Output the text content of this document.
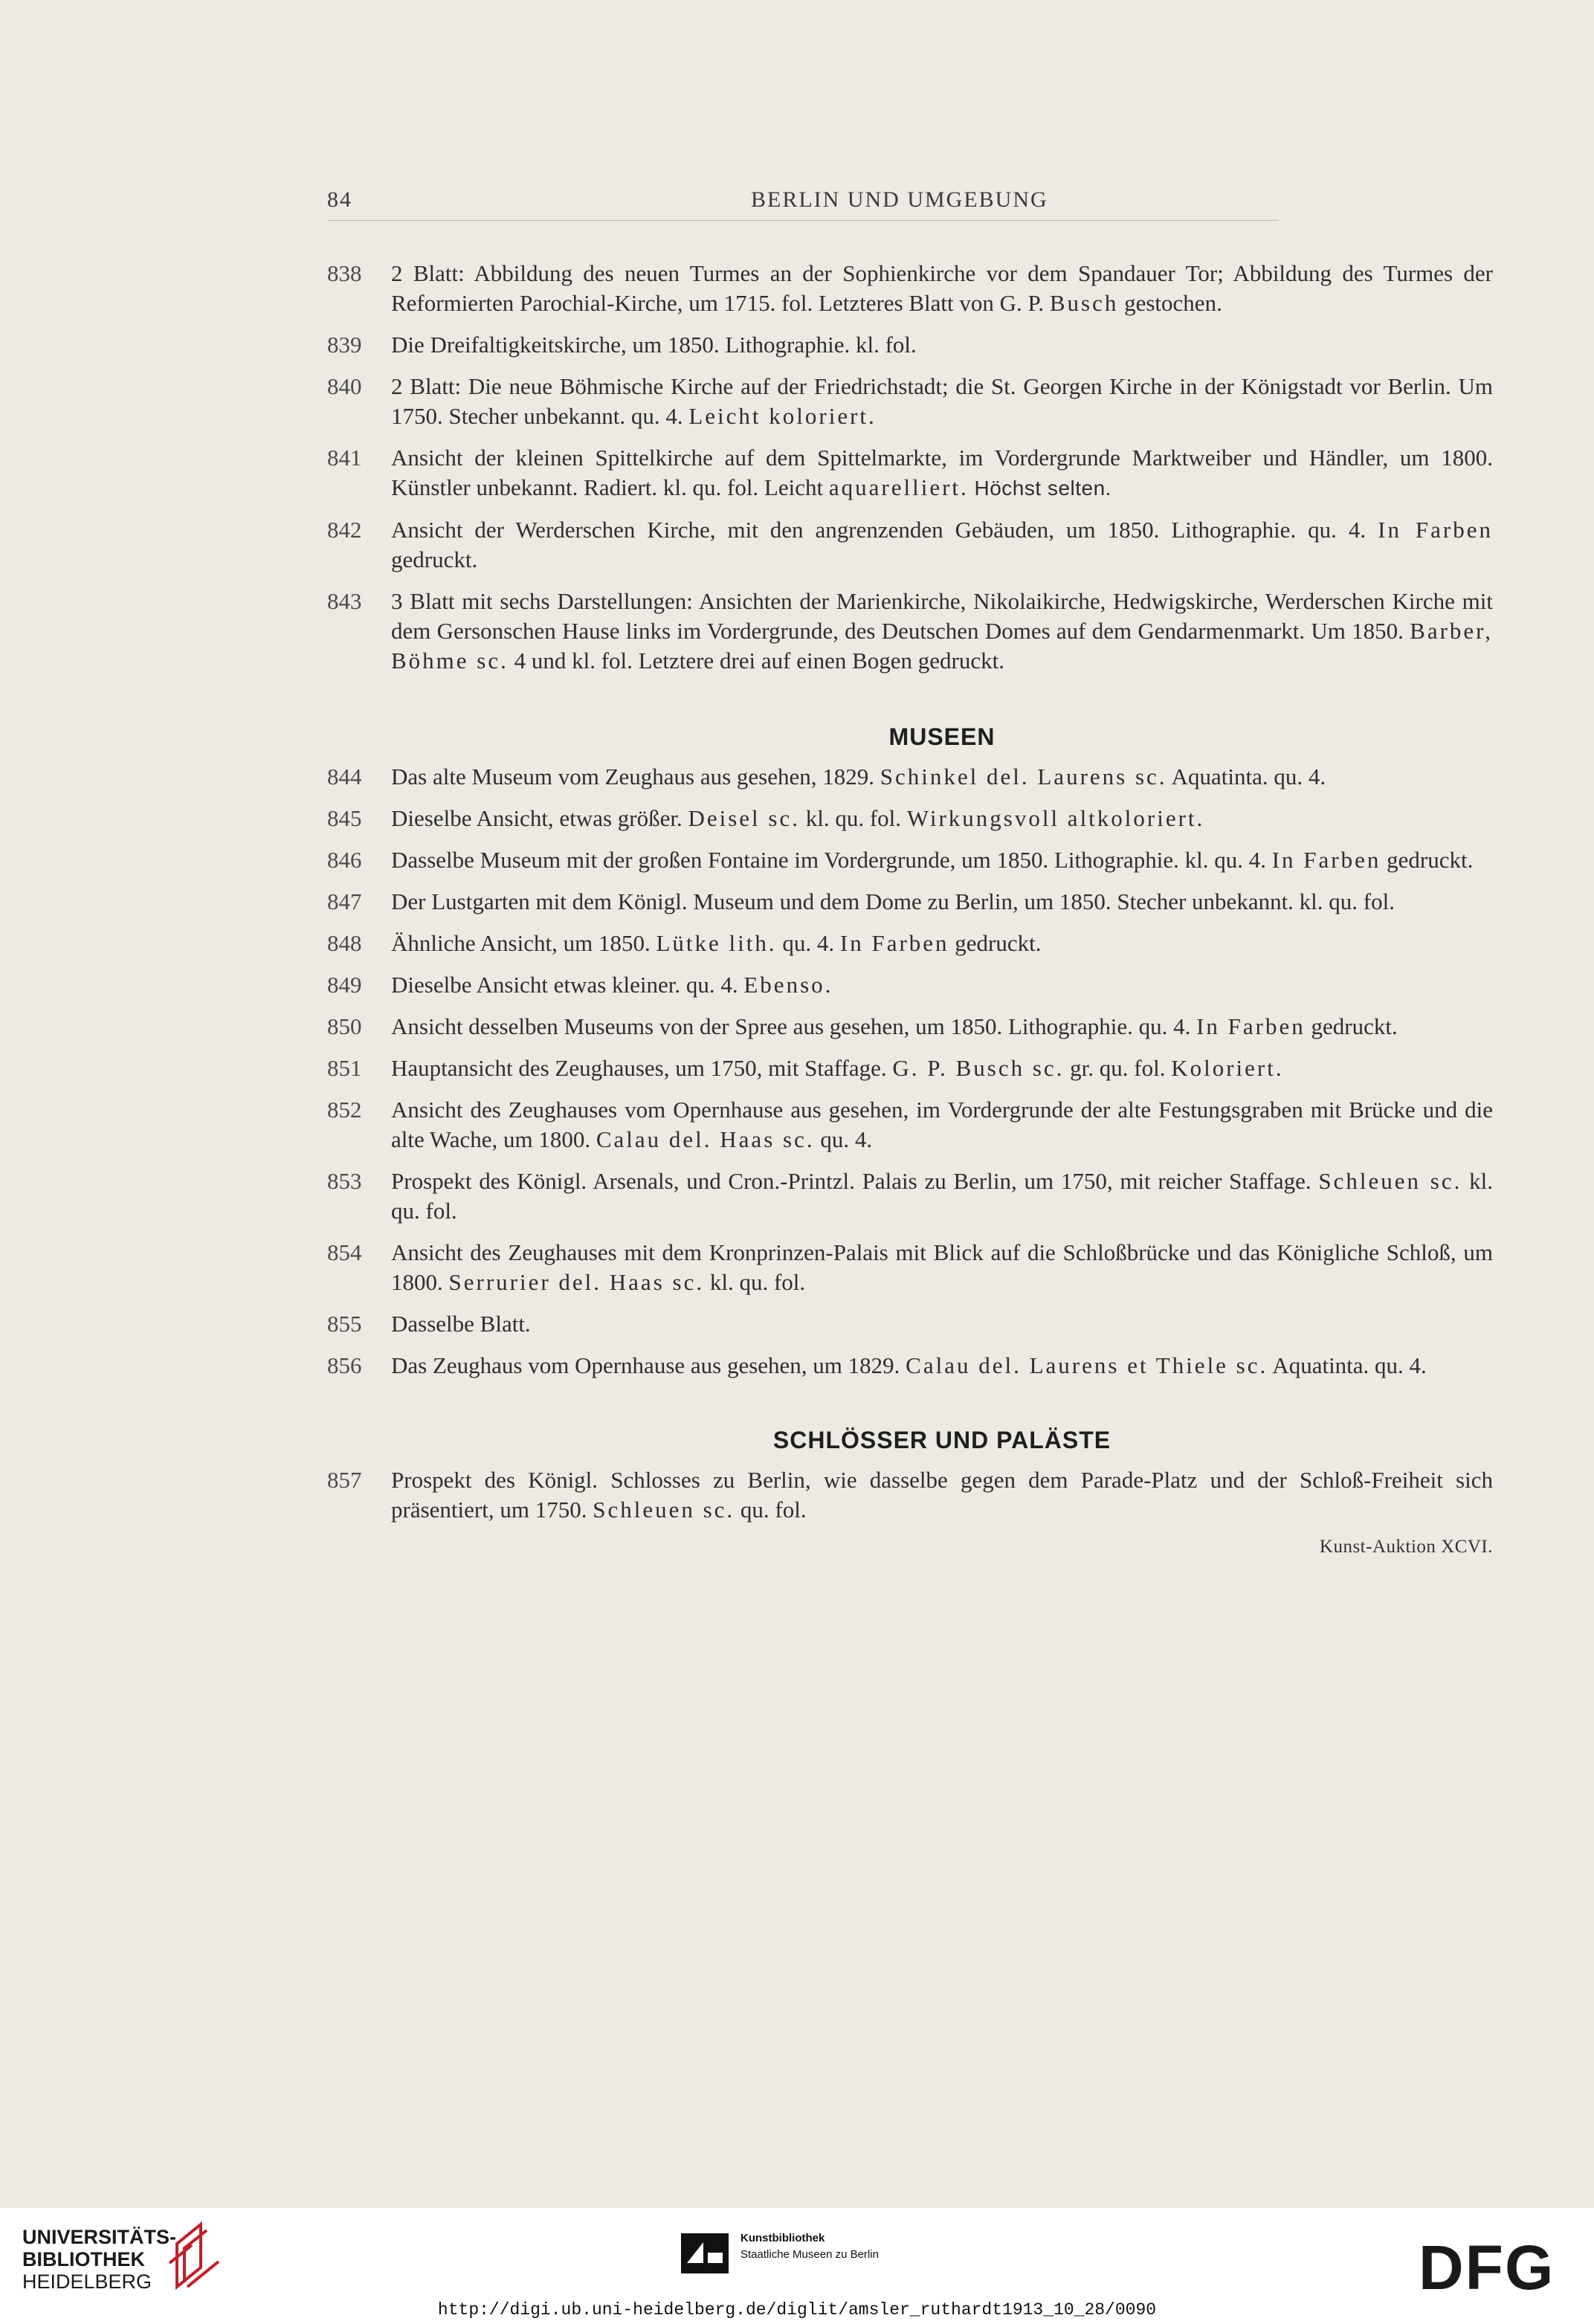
84	BERLIN UND UMGEBUNG
838 2 Blatt: Abbildung des neuen Turmes an der Sophienkirche vor dem Spandauer Tor; Abbildung des Turmes der Reformierten Parochial-Kirche, um 1715. fol. Letzteres Blatt von G. P. Busch gestochen.
839 Die Dreifaltigkeitskirche, um 1850. Lithographie. kl. fol.
840 2 Blatt: Die neue Böhmische Kirche auf der Friedrichstadt; die St. Georgen Kirche in der Königstadt vor Berlin. Um 1750. Stecher unbekannt. qu. 4. Leicht koloriert.
841 Ansicht der kleinen Spittelkirche auf dem Spittelmarkte, im Vordergrunde Marktweiber und Händler, um 1800. Künstler unbekannt. Radiert. kl. qu. fol. Leicht aquarelliert. Höchst selten.
842 Ansicht der Werderschen Kirche, mit den angrenzenden Gebäuden, um 1850. Lithographie. qu. 4. In Farben gedruckt.
843 3 Blatt mit sechs Darstellungen: Ansichten der Marienkirche, Nikolaikirche, Hedwigskirche, Werderschen Kirche mit dem Gersonschen Hause links im Vordergrunde, des Deutschen Domes auf dem Gendarmenmarkt. Um 1850. Barber, Böhme sc. 4 und kl. fol. Letztere drei auf einen Bogen gedruckt.
MUSEEN
844 Das alte Museum vom Zeughaus aus gesehen, 1829. Schinkel del. Laurens sc. Aquatinta. qu. 4.
845 Dieselbe Ansicht, etwas größer. Deisel sc. kl. qu. fol. Wirkungsvoll altkoloriert.
846 Dasselbe Museum mit der großen Fontaine im Vordergrunde, um 1850. Lithographie. kl. qu. 4. In Farben gedruckt.
847 Der Lustgarten mit dem Königl. Museum und dem Dome zu Berlin, um 1850. Stecher unbekannt. kl. qu. fol.
848 Ähnliche Ansicht, um 1850. Lütke lith. qu. 4. In Farben gedruckt.
849 Dieselbe Ansicht etwas kleiner. qu. 4. Ebenso.
850 Ansicht desselben Museums von der Spree aus gesehen, um 1850. Lithographie. qu. 4. In Farben gedruckt.
851 Hauptansicht des Zeughauses, um 1750, mit Staffage. G. P. Busch sc. gr. qu. fol. Koloriert.
852 Ansicht des Zeughauses vom Opernhause aus gesehen, im Vordergrunde der alte Festungsgraben mit Brücke und die alte Wache, um 1800. Calau del. Haas sc. qu. 4.
853 Prospekt des Königl. Arsenals, und Cron.-Printzl. Palais zu Berlin, um 1750, mit reicher Staffage. Schleuen sc. kl. qu. fol.
854 Ansicht des Zeughauses mit dem Kronprinzen-Palais mit Blick auf die Schloßbrücke und das Königliche Schloß, um 1800. Serrurier del. Haas sc. kl. qu. fol.
855 Dasselbe Blatt.
856 Das Zeughaus vom Opernhause aus gesehen, um 1829. Calau del. Laurens et Thiele sc. Aquatinta. qu. 4.
SCHLÖSSER UND PALÄSTE
857 Prospekt des Königl. Schlosses zu Berlin, wie dasselbe gegen dem Parade-Platz und der Schloß-Freiheit sich präsentiert, um 1750. Schleuen sc. qu. fol.
Kunst-Auktion XCVI.
UNIVERSITÄTS-
BIBLIOTHEK
HEIDELBERG
Kunstbibliothek
Staatliche Museen zu Berlin	DFG
http://digi.ub.uni-heidelberg.de/diglit/amsler_ruthardt1913_10_28/0090
